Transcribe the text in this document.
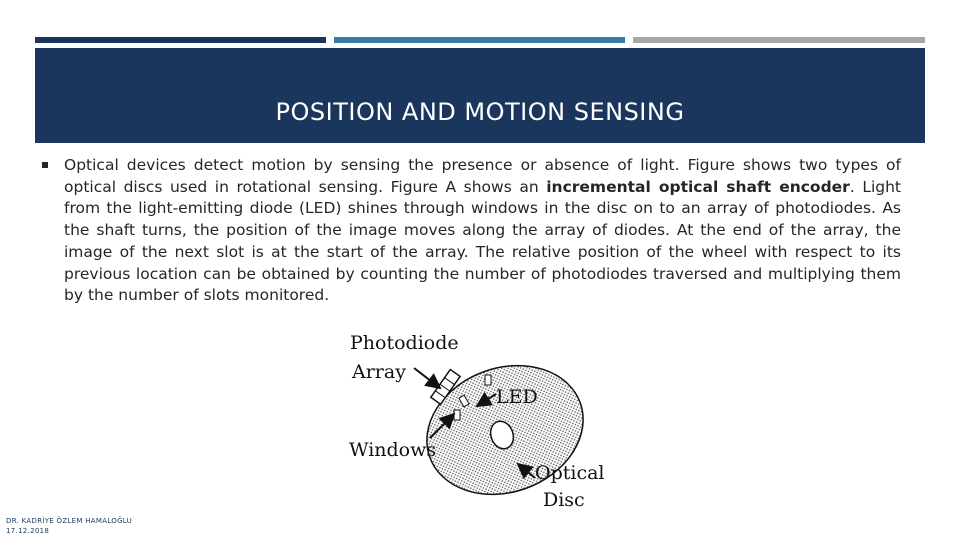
POSITION AND MOTION SENSING
Optical devices detect motion by sensing the presence or absence of light. Figure shows two types of optical discs used in rotational sensing. Figure A shows an incremental optical shaft encoder. Light from the light-emitting diode (LED) shines through windows in the disc on to an array of photodiodes. As the shaft turns, the position of the image moves along the array of diodes. At the end of the array, the image of the next slot is at the start of the array. The relative position of the wheel with respect to its previous location can be obtained by counting the number of photodiodes traversed and multiplying them by the number of slots monitored.
Photodiode
Array
LED
Windows
Optical
Disc
DR. KADRİYE ÖZLEM HAMALOĞLU
17.12.2018
